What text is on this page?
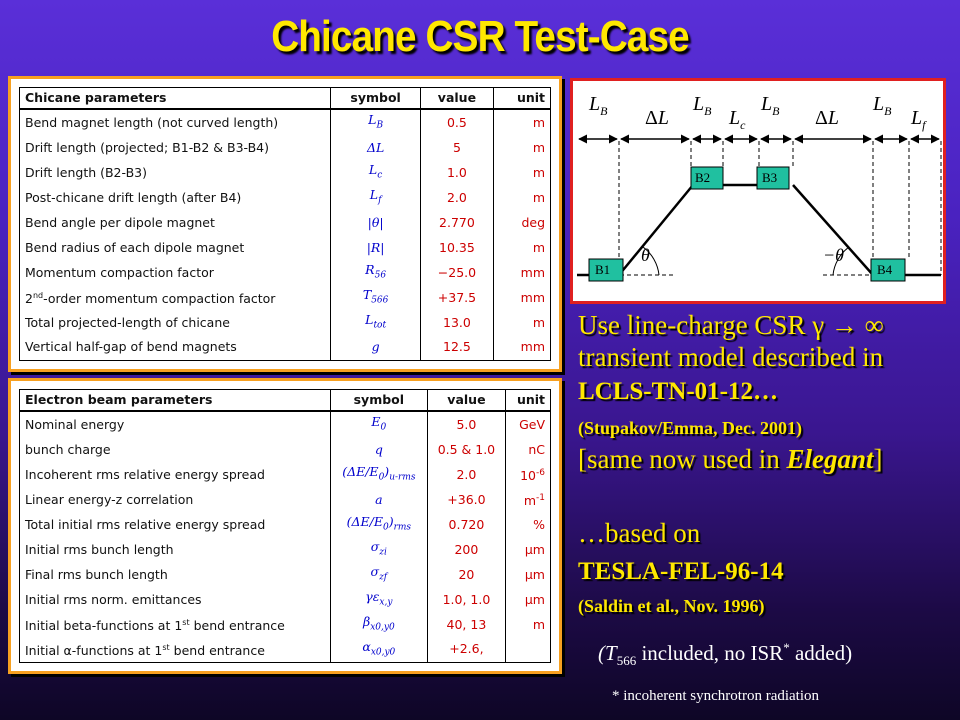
Chicane CSR Test-Case
Chicane parameters	symbol	value	unit
Bend magnet length (not curved length)	$L_B$	0.5	m
Drift length (projected; B1-B2 & B3-B4)	ΔL	5	m
Drift length (B2-B3)	$L_c$	1.0	m
Post-chicane drift length (after B4)	$L_f$	2.0	m
Bend angle per dipole magnet	|θ|	2.770	deg
Bend radius of each dipole magnet	|R|	10.35	m
Momentum compaction factor	$R_{56}$	−25.0	mm
2nd-order momentum compaction factor	$T_{566}$	+37.5	mm
Total projected-length of chicane	$L_{tot}$	13.0	m
Vertical half-gap of bend magnets	g	12.5	mm
Electron beam parameters	symbol	value	unit
Nominal energy	$E_0$	5.0	GeV
bunch charge	q	0.5 & 1.0	nC
Incoherent rms relative energy spread	$(\Delta E/E_0)_{u-rms}$	2.0	$10^{-6}$
Linear energy-z correlation	a	+36.0	$m^{-1}$
Total initial rms relative energy spread	$(\Delta E/E_0)_{rms}$	0.720	%
Initial rms bunch length	$\sigma_{zi}$	200	μm
Final rms bunch length	$\sigma_{zf}$	20	μm
Initial rms norm. emittances	$\gamma\varepsilon_{x,y}$	1.0, 1.0	μm
Initial beta-functions at 1st bend entrance	$\beta_{x0,y0}$	40, 13	m
Initial α-functions at 1st bend entrance	$\alpha_{x0,y0}$	+2.6,	
B1
B2	B3
B4
$L_B$ ΔL
$L_B$ $L_c$
$L_B$ ΔL
$L_B$ $L_f$
θ	−θ
Use line-charge CSR γ → ∞
transient model described in
LCLS-TN-01-12…
(Stupakov/Emma, Dec. 2001)
[same now used in Elegant]
…based on
TESLA-FEL-96-14
(Saldin et al., Nov. 1996)
($T_{566}$ included, no ISR* added)
* incoherent synchrotron radiation
